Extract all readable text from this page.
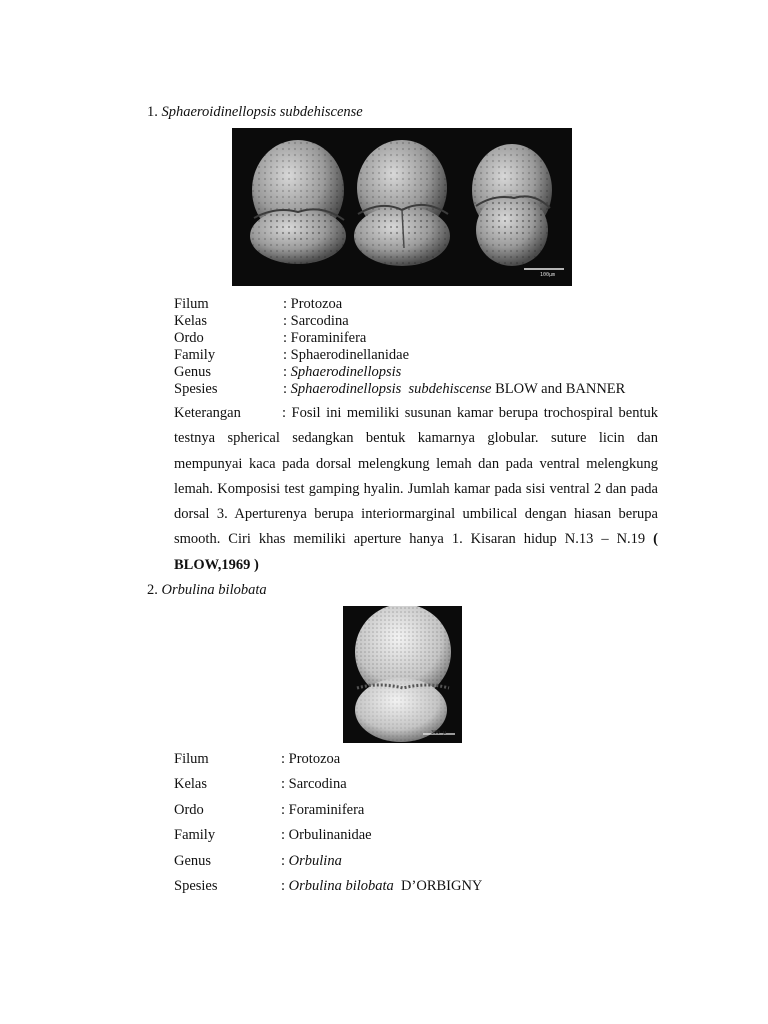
1. Sphaeroidinellopsis subdehiscense
100μm
Filum	: Protozoa
Kelas	: Sarcodina
Ordo	: Foraminifera
Family	: Sphaerodinellanidae
Genus	: Sphaerodinellopsis
Spesies	: Sphaerodinellopsis  subdehiscense BLOW and BANNER
Keterangan	: Fosil ini memiliki susunan kamar berupa trochospiral bentuk testnya spherical sedangkan bentuk kamarnya globular. suture licin dan mempunyai kaca pada dorsal melengkung lemah dan pada ventral melengkung lemah. Komposisi test gamping hyalin. Jumlah kamar pada sisi ventral 2 dan pada dorsal 3. Aperturenya berupa interiormarginal umbilical dengan hiasan berupa smooth. Ciri khas memiliki aperture hanya 1. Kisaran hidup N.13 – N.19 ( BLOW,1969 )
2. Orbulina bilobata
300 μ
Filum	: Protozoa
Kelas	: Sarcodina
Ordo	: Foraminifera
Family	: Orbulinanidae
Genus	: Orbulina
Spesies	: Orbulina bilobata  D’ORBIGNY
